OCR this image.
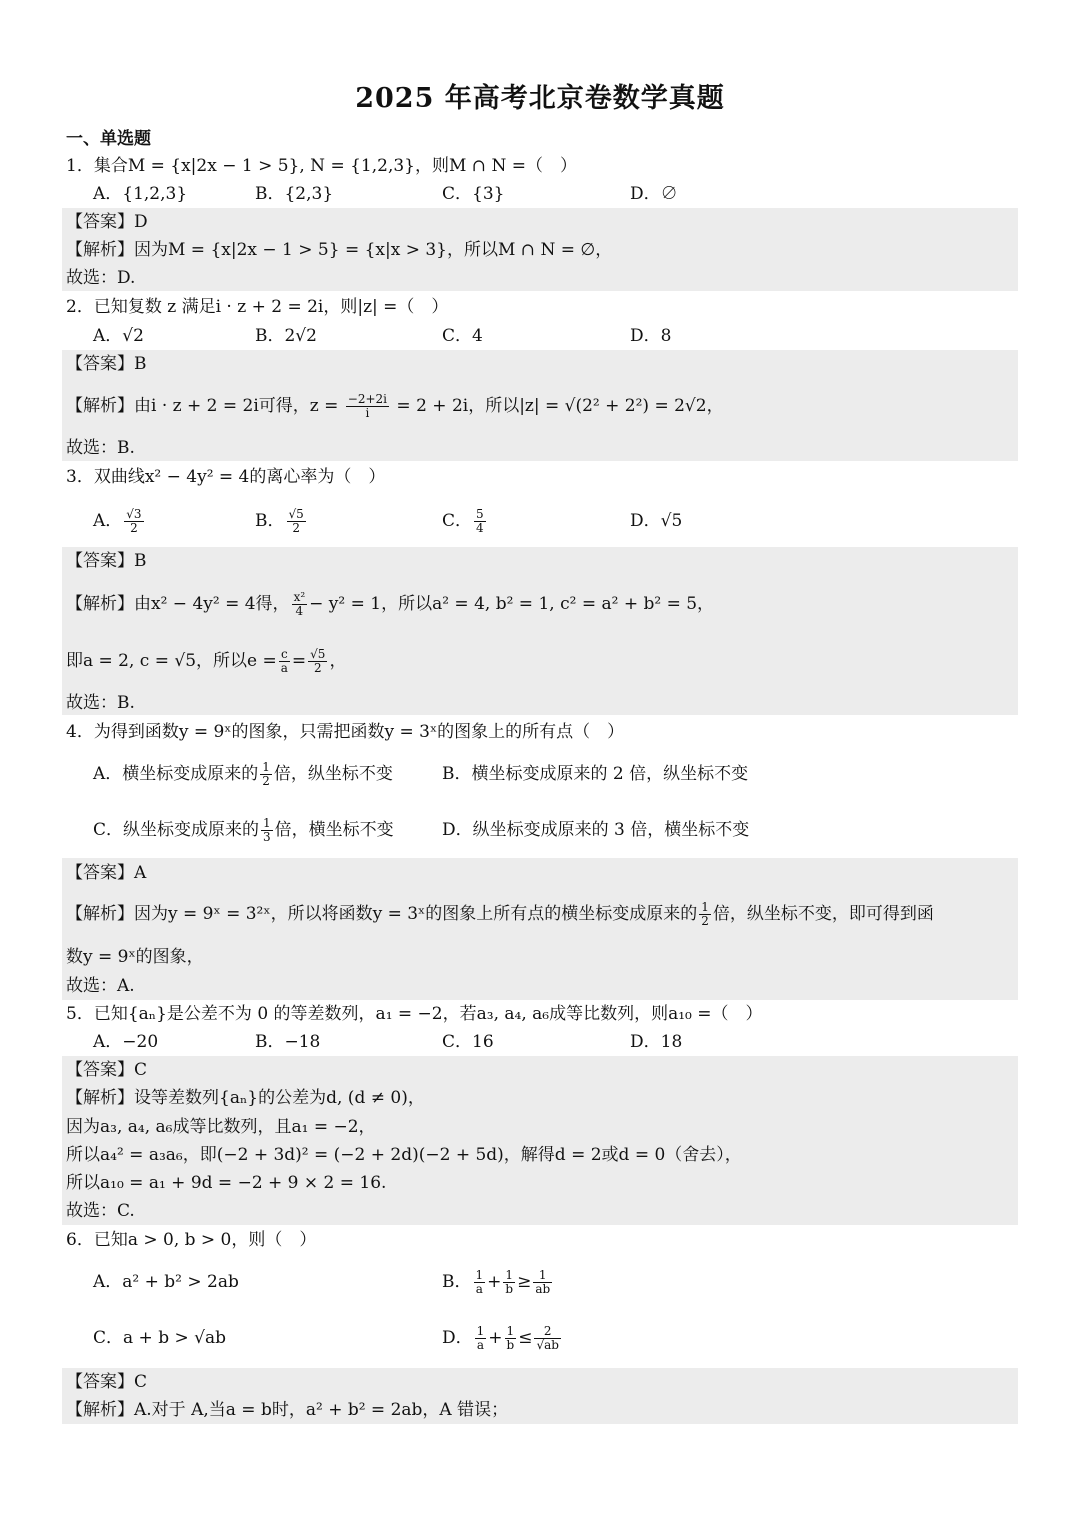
2025 年高考北京卷数学真题
一、单选题
1．集合M = {x|2x − 1 > 5}, N = {1,2,3}，则M ∩ N =（　）
A．{1,2,3}	B．{2,3}	C．{3}	D．∅
【答案】D
【解析】因为M = {x|2x − 1 > 5} = {x|x > 3}，所以M ∩ N = ∅，
故选：D.
2．已知复数 z 满足i · z + 2 = 2i，则|z| =（　）
A．√2	B．2√2	C．4	D．8
【答案】B
【解析】由i · z + 2 = 2i可得，$z = \frac{-2+2i}{i} = 2 + 2i$，所以|z| = √(2² + 2²) = 2√2，
故选：B.
3．双曲线x² − 4y² = 4的离心率为（　）
A． $\frac{√3}{2}$	B． $\frac{√5}{2}$	C． $\frac{5}{4}$	D．√5
【答案】B
【解析】由x² − 4y² = 4得， $\frac{\text{x²}}{4} - y^2 = 1$，所以a² = 4, b² = 1, c² = a² + b² = 5，
即a = 2, c = √5，所以$e = \frac{c}{a} = \frac{√5}{2}$ ，
故选：B.
4．为得到函数y = 9ˣ的图象，只需把函数y = 3ˣ的图象上的所有点（　）
A．横坐标变成原来的 $\frac{1}{2}$ 倍，纵坐标不变	B．横坐标变成原来的 2 倍，纵坐标不变
C．纵坐标变成原来的 $\frac{1}{3}$ 倍，横坐标不变	D．纵坐标变成原来的 3 倍，横坐标不变
【答案】A
【解析】因为y = 9ˣ = 3²ˣ，所以将函数y = 3ˣ的图象上所有点的横坐标变成原来的 $\frac{1}{2}$ 倍，纵坐标不变，即可得到函
数y = 9ˣ的图象，
故选：A.
5．已知{aₙ}是公差不为 0 的等差数列，a₁ = −2，若a₃, a₄, a₆成等比数列，则a₁₀ =（　）
A．−20	B．−18	C．16	D．18
【答案】C
【解析】设等差数列{aₙ}的公差为d, (d ≠ 0)，
因为a₃, a₄, a₆成等比数列，且a₁ = −2，
所以a₄² = a₃a₆，即(−2 + 3d)² = (−2 + 2d)(−2 + 5d)，解得d = 2或d = 0（舍去），
所以a₁₀ = a₁ + 9d = −2 + 9 × 2 = 16.
故选：C.
6．已知a > 0, b > 0，则（　）
A．a² + b² > 2ab	B． $\frac{1}{a} + \frac{1}{b} \ge \frac{1}{ab}$
C．a + b > √ab	D． $\frac{1}{a} + \frac{1}{b} \le \frac{2}{√ab}$
【答案】C
【解析】A.对于 A,当a = b时，a² + b² = 2ab，A 错误；
